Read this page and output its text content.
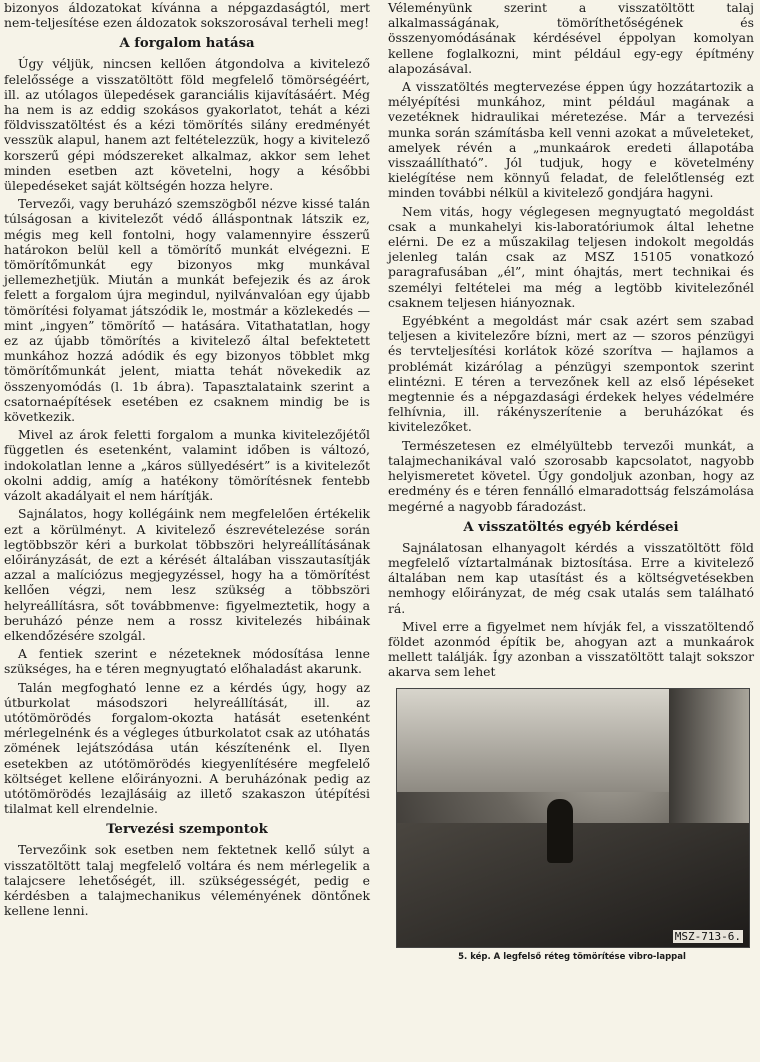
bizonyos áldozatokat kívánna a népgazdaságtól, mert nem-teljesítése ezen áldozatok sokszorosával terheli meg!

A forgalom hatása

Úgy véljük, nincsen kellően átgondolva a kivitelező felelőssége a visszatöltött föld megfelelő tömörségéért, ill. az utólagos ülepedések garanciális kijavításáért. Még ha nem is az eddig szokásos gyakorlatot, tehát a kézi földvisszatöltést és a kézi tömörítés silány eredményét vesszük alapul, hanem azt feltételezzük, hogy a kivitelező korszerű gépi módszereket alkalmaz, akkor sem lehet minden esetben azt követelni, hogy a későbbi ülepedéseket saját költségén hozza helyre.

Tervezői, vagy beruházó szemszögből nézve kissé talán túlságosan a kivitelezőt védő álláspontnak látszik ez, mégis meg kell fontolni, hogy valamennyire ésszerű határokon belül kell a tömörítő munkát elvégezni. E tömörítőmunkát egy bizonyos mkg munkával jellemezhetjük. Miután a munkát befejezik és az árok felett a forgalom újra megindul, nyilvánvalóan egy újabb tömörítési folyamat játszódik le, mostmár a közlekedés — mint „ingyen” tömörítő — hatására. Vitathatatlan, hogy ez az újabb tömörítés a kivitelező által befektetett munkához hozzá adódik és egy bizonyos többlet mkg tömörítőmunkát jelent, miatta tehát növekedik az összenyomódás (l. 1b ábra). Tapasztalataink szerint a csatornaépítések esetében ez csaknem mindig be is következik.

Mivel az árok feletti forgalom a munka kivitelezőjétől független és esetenként, valamint időben is változó, indokolatlan lenne a „káros süllyedésért” is a kivitelezőt okolni addig, amíg a hatékony tömörítésnek fentebb vázolt akadályait el nem hárítják.

Sajnálatos, hogy kollégáink nem megfelelően értékelik ezt a körülményt. A kivitelező észrevételezése során legtöbbször kéri a burkolat többszöri helyreállításának előirányzását, de ezt a kérését általában visszautasítják azzal a malíciózus megjegyzéssel, hogy ha a tömörítést kellően végzi, nem lesz szükség a többszöri helyreállításra, sőt továbbmenve: figyelmeztetik, hogy a beruházó pénze nem a rossz kivitelezés hibáinak elkendőzésére szolgál.

A fentiek szerint e nézeteknek módosítása lenne szükséges, ha e téren megnyugtató előhaladást akarunk.

Talán megfogható lenne ez a kérdés úgy, hogy az útburkolat másodszori helyreállítását, ill. az utótömörödés forgalom-okozta hatását esetenként mérlegelnénk és a végleges útburkolatot csak az utóhatás zömének lejátszódása után készítenénk el. Ilyen esetekben az utótömörödés kiegyenlítésére megfelelő költséget kellene előirányozni. A beruházónak pedig az utótömörödés lezajlásáig az illető szakaszon útépítési tilalmat kell elrendelnie.

Tervezési szempontok

Tervezőink sok esetben nem fektetnek kellő súlyt a visszatöltött talaj megfelelő voltára és nem mérlegelik a talajcsere lehetőségét, ill. szükségességét, pedig e kérdésben a talajmechanikus véleményének döntőnek kellene lenni.

Véleményünk szerint a visszatöltött talaj alkalmasságának, tömöríthetőségének és összenyomódásának kérdésével éppolyan komolyan kellene foglalkozni, mint például egy-egy építmény alapozásával.

A visszatöltés megtervezése éppen úgy hozzátartozik a mélyépítési munkához, mint például magának a vezetéknek hidraulikai méretezése. Már a tervezési munka során számításba kell venni azokat a műveleteket, amelyek révén a „munkaárok eredeti állapotába visszaállítható”. Jól tudjuk, hogy e követelmény kielégítése nem könnyű feladat, de felelőtlenség ezt minden további nélkül a kivitelező gondjára hagyni.

Nem vitás, hogy véglegesen megnyugtató megoldást csak a munkahelyi kis-laboratóriumok által lehetne elérni. De ez a műszakilag teljesen indokolt megoldás jelenleg talán csak az MSZ 15105 vonatkozó paragrafusában „él”, mint óhajtás, mert technikai és személyi feltételei ma még a legtöbb kivitelezőnél csaknem teljesen hiányoznak.

Egyébként a megoldást már csak azért sem szabad teljesen a kivitelezőre bízni, mert az — szoros pénzügyi és tervteljesítési korlátok közé szorítva — hajlamos a problémát kizárólag a pénzügyi szempontok szerint elintézni. E téren a tervezőnek kell az első lépéseket megtennie és a népgazdasági érdekek helyes védelmére felhívnia, ill. rákényszerítenie a beruházókat és kivitelezőket.

Természetesen ez elmélyültebb tervezői munkát, a talajmechanikával való szorosabb kapcsolatot, nagyobb helyismeretet követel. Úgy gondoljuk azonban, hogy az eredmény és e téren fennálló elmaradottság felszámolása megérné a nagyobb fáradozást.

A visszatöltés egyéb kérdései

Sajnálatosan elhanyagolt kérdés a visszatöltött föld megfelelő víztartalmának biztosítása. Erre a kivitelező általában nem kap utasítást és a költségvetésekben nemhogy előirányzat, de még csak utalás sem található rá.

Mivel erre a figyelmet nem hívják fel, a visszatöltendő földet azonmód építik be, ahogyan azt a munkaárok mellett találják. Így azonban a visszatöltött talajt sokszor akarva sem lehet

MSZ-713-6.
5. kép. A legfelső réteg tömörítése vibro-lappal
